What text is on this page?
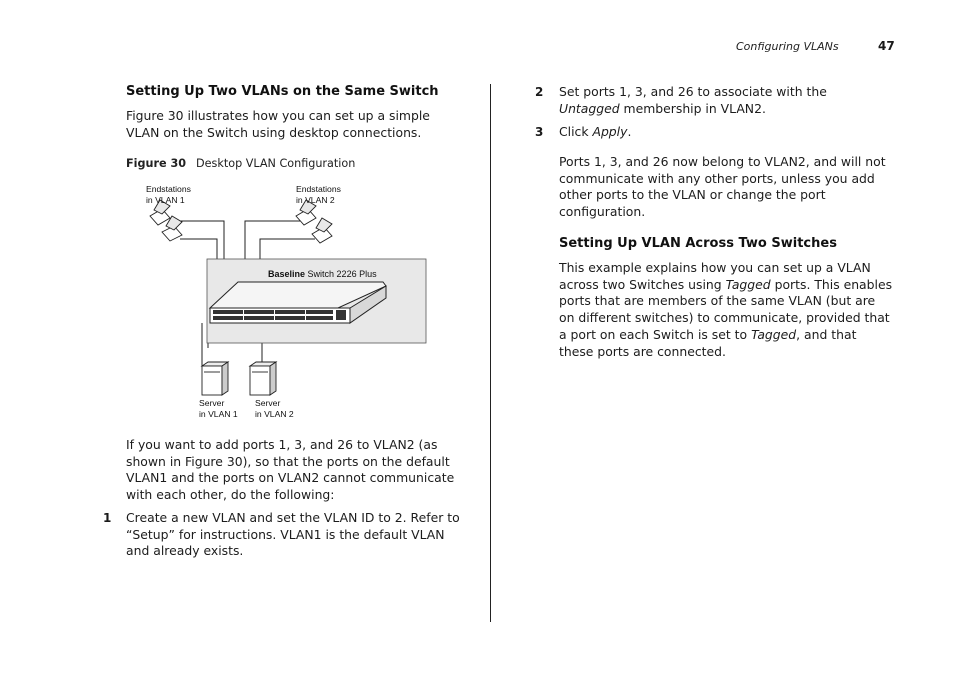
Configuring VLANs	47
Setting Up Two VLANs on the Same Switch

Figure 30 illustrates how you can set up a simple VLAN on the Switch using desktop connections.

Figure 30 Desktop VLAN Configuration
Endstations
in VLAN 1
Endstations
in VLAN 2
Baseline Switch 2226 Plus
Server
in VLAN 1
Server
in VLAN 2

If you want to add ports 1, 3, and 26 to VLAN2 (as shown in Figure 30), so that the ports on the default VLAN1 and the ports on VLAN2 cannot communicate with each other, do the following:

1 Create a new VLAN and set the VLAN ID to 2. Refer to “Setup” for instructions. VLAN1 is the default VLAN and already exists.

2 Set ports 1, 3, and 26 to associate with the Untagged membership in VLAN2.

3 Click Apply.

Ports 1, 3, and 26 now belong to VLAN2, and will not communicate with any other ports, unless you add other ports to the VLAN or change the port configuration.

Setting Up VLAN Across Two Switches

This example explains how you can set up a VLAN across two Switches using Tagged ports. This enables ports that are members of the same VLAN (but are on different switches) to communicate, provided that a port on each Switch is set to Tagged, and that these ports are connected.
